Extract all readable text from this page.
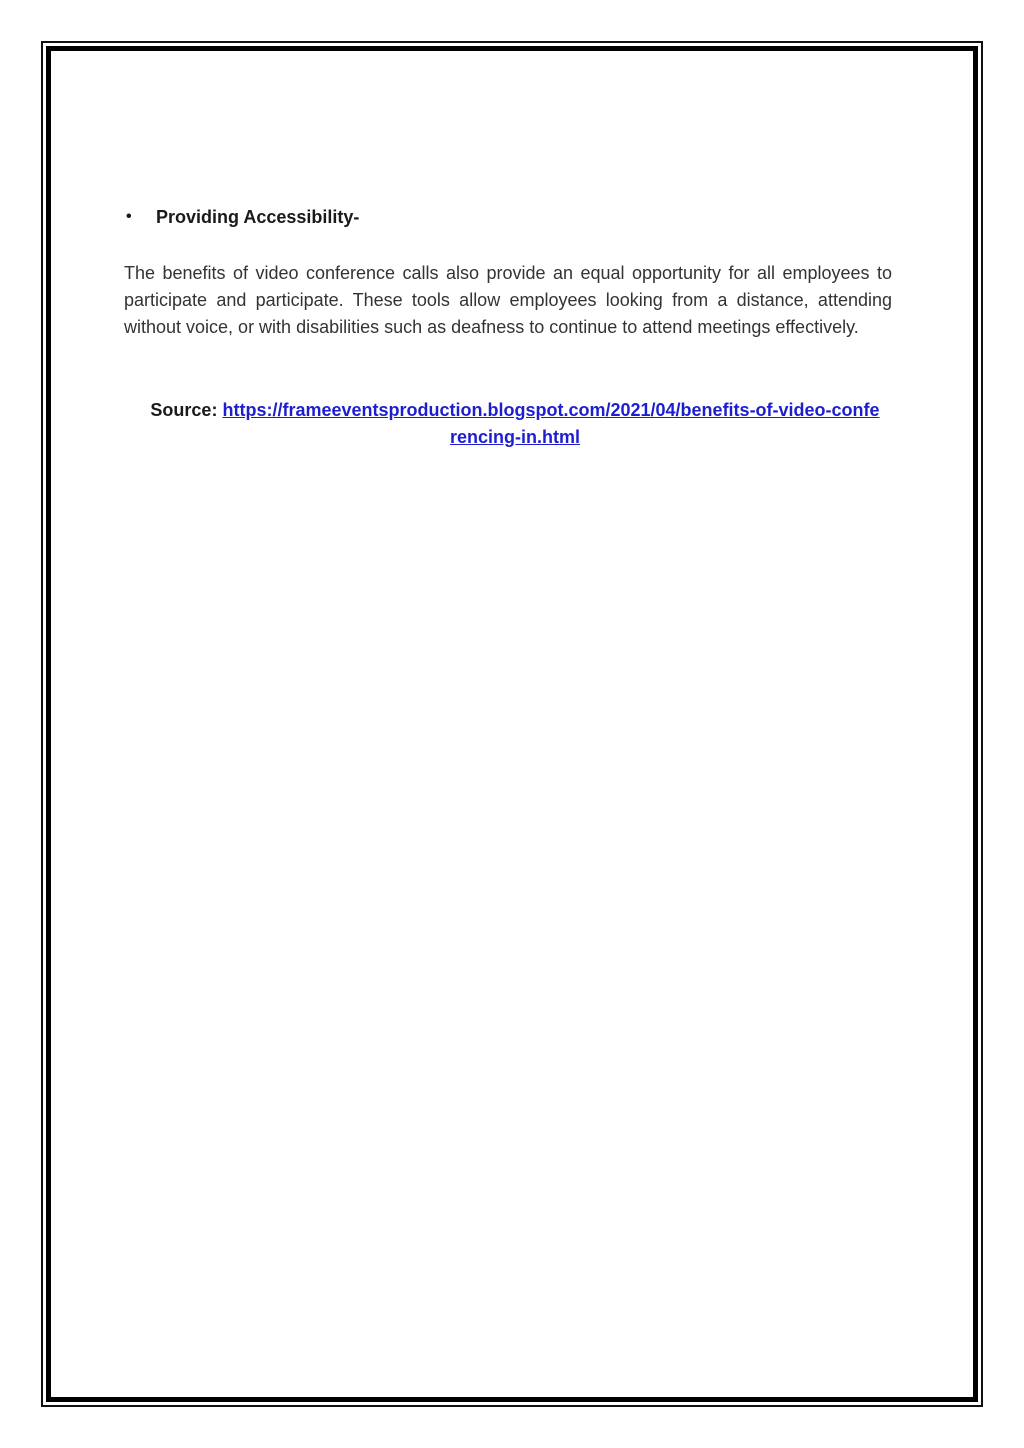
•	Providing Accessibility-

The benefits of video conference calls also provide an equal opportunity for all employees to participate and participate. These tools allow employees looking from a distance, attending without voice, or with disabilities such as deafness to continue to attend meetings effectively.

Source: https://frameeventsproduction.blogspot.com/2021/04/benefits-of-video-conferencing-in.html
